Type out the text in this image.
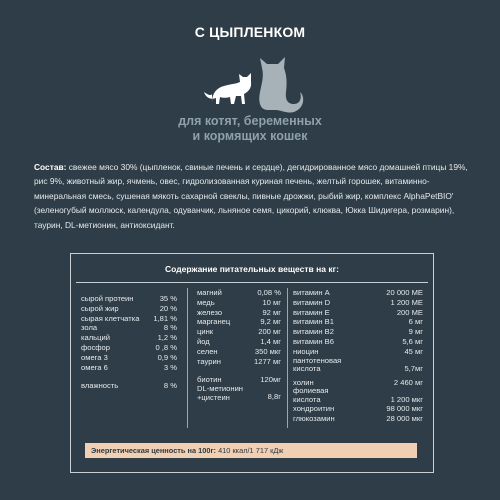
С ЦЫПЛЕНКОМ
для котят, беременных
и кормящих кошек
Состав: свежее мясо 30% (цыпленок, свиные печень и сердце), дегидрированное мясо домашней птицы 19%, рис 9%, животный жир, ячмень, овес, гидролизованная куриная печень, желтый горошек, витаминно-минеральная смесь, сушеная мякоть сахарной свеклы, пивные дрожжи, рыбий жир, комплекс AlphaPetBIO' (зеленогубый моллюск, календула, одуванчик, льняное семя, цикорий, клюква, Юкка Шидигера, розмарин), таурин, DL-метионин, антиоксидант.
Содержание питательных веществ на кг:
сырой протеин	35 %
сырой жир	20 %
сырая клетчатка 1,81 %
зола	8 %
кальций	1,2 %
фосфор	0 ,8 %
омега 3	0,9 %
омега 6	3 %
влажность	8 %
магний	0,08 %
медь	10 мг
железо	92 мг
марганец	9,2 мг
цинк	200 мг
йод	1,4 мг
селен	350 мкг
таурин	1277 мг
биотин	120мг
DL-метионин +цистеин	8,8г
витамин A	20 000 МЕ
витамин D	1 200 МЕ
витамин E	200 МЕ
витамин B1	6 мг
витамин B2	9 мг
витамин B6	5,6 мг
ниоцин	45 мг
пантотеновая кислота	5,7мг
холин	2 460 мг
фолиевая кислота	1 200 мкг
хондроитин	98 000 мкг
глюкозамин	28 000 мкг
Энергетическая ценность на 100г: 410 ккал/1 717 кДж
